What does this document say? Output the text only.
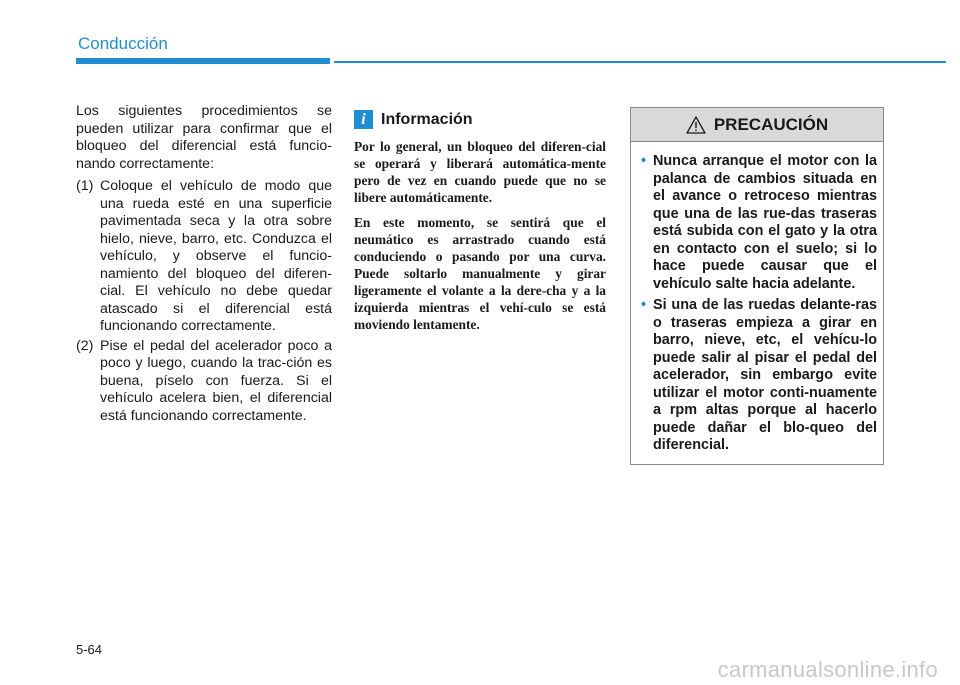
Conducción

Los siguientes procedimientos se pueden utilizar para confirmar que el bloqueo del diferencial está funcio-nando correctamente:

(1) Coloque el vehículo de modo que una rueda esté en una superficie pavimentada seca y la otra sobre hielo, nieve, barro, etc. Conduzca el vehículo, y observe el funcio-namiento del bloqueo del diferen-cial. El vehículo no debe quedar atascado si el diferencial está funcionando correctamente.
(2) Pise el pedal del acelerador poco a poco y luego, cuando la trac-ción es buena, píselo con fuerza. Si el vehículo acelera bien, el diferencial está funcionando correctamente.
i Información

Por lo general, un bloqueo del diferen-cial se operará y liberará automática-mente pero de vez en cuando puede que no se libere automáticamente.

En este momento, se sentirá que el neumático es arrastrado cuando está conduciendo o pasando por una curva. Puede soltarlo manualmente y girar ligeramente el volante a la dere-cha y a la izquierda mientras el vehí-culo se está moviendo lentamente.

PRECAUCIÓN
• Nunca arranque el motor con la palanca de cambios situada en el avance o retroceso mientras que una de las rue-das traseras está subida con el gato y la otra en contacto con el suelo; si lo hace puede causar que el vehículo salte hacia adelante.
• Si una de las ruedas delante-ras o traseras empieza a girar en barro, nieve, etc, el vehícu-lo puede salir al pisar el pedal del acelerador, sin embargo evite utilizar el motor conti-nuamente a rpm altas porque al hacerlo puede dañar el blo-queo del diferencial.
5-64
carmanualsonline.info
